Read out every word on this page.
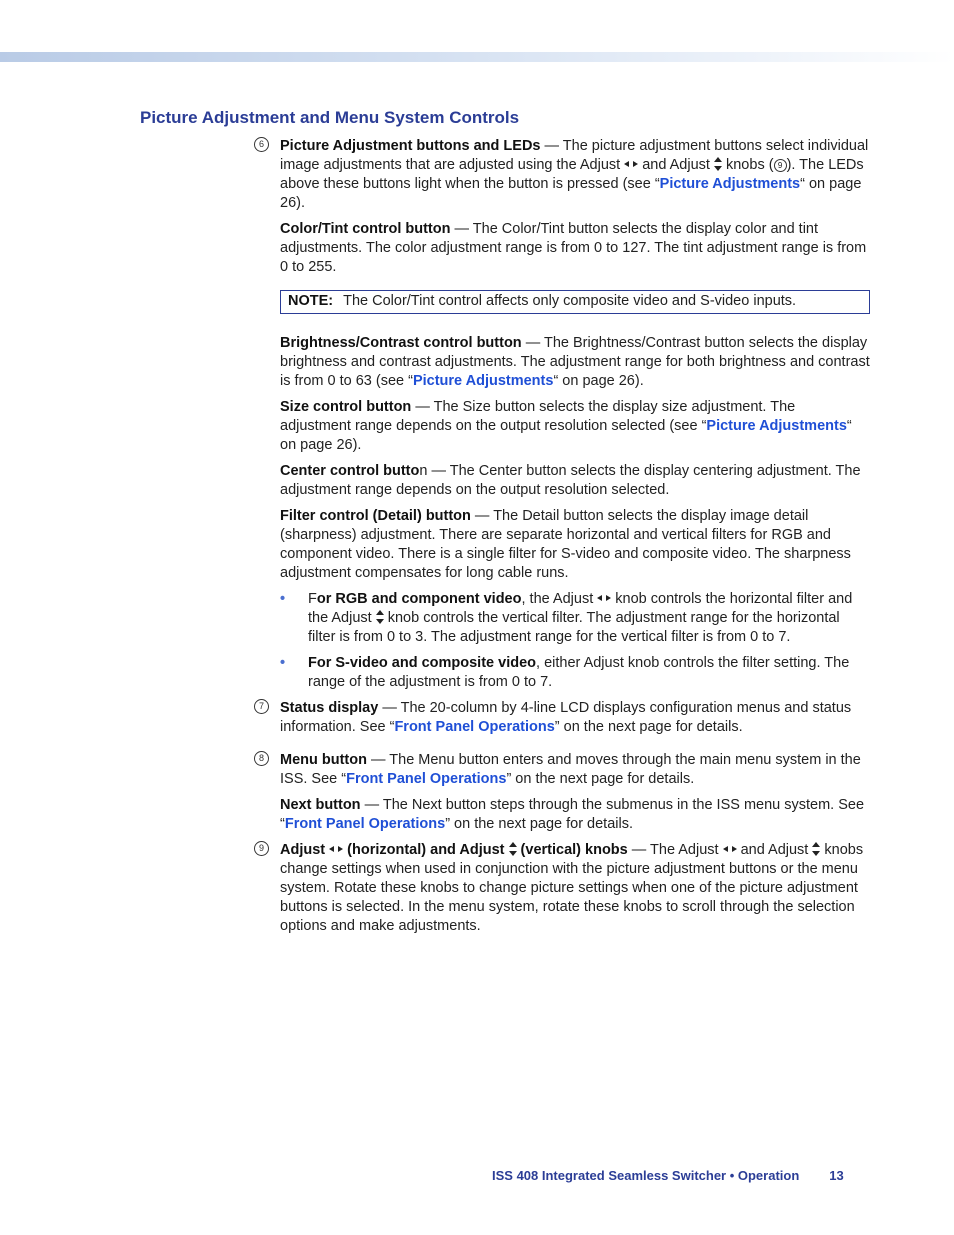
Picture Adjustment and Menu System Controls
6	Picture Adjustment buttons and LEDs — The picture adjustment buttons select individual image adjustments that are adjusted using the Adjust  and Adjust  knobs ( 9 ). The LEDs above these buttons light when the button is pressed (see “Picture Adjustments“ on page 26).
Color/Tint control button — The Color/Tint button selects the display color and tint adjustments. The color adjustment range is from 0 to 127. The tint adjustment range is from 0 to 255.
NOTE: The Color/Tint control affects only composite video and S-video inputs.
Brightness/Contrast control button — The Brightness/Contrast button selects the display brightness and contrast adjustments. The adjustment range for both brightness and contrast is from 0 to 63 (see “Picture Adjustments“ on page 26).
Size control button — The Size button selects the display size adjustment. The adjustment range depends on the output resolution selected (see “Picture Adjustments“ on page 26).
Center control button — The Center button selects the display centering adjustment. The adjustment range depends on the output resolution selected.
Filter control (Detail) button — The Detail button selects the display image detail (sharpness) adjustment. There are separate horizontal and vertical filters for RGB and component video. There is a single filter for S-video and composite video. The sharpness adjustment compensates for long cable runs.
• For RGB and component video, the Adjust  knob controls the horizontal filter and the Adjust  knob controls the vertical filter. The adjustment range for the horizontal filter is from 0 to 3. The adjustment range for the vertical filter is from 0 to 7.
• For S-video and composite video, either Adjust knob controls the filter setting. The range of the adjustment is from 0 to 7.
7	Status display — The 20-column by 4-line LCD displays configuration menus and status information. See “Front Panel Operations” on the next page for details.
8	Menu button — The Menu button enters and moves through the main menu system in the ISS. See “Front Panel Operations” on the next page for details.
Next button — The Next button steps through the submenus in the ISS menu system. See “Front Panel Operations” on the next page for details.
9	Adjust  (horizontal) and Adjust  (vertical) knobs — The Adjust  and Adjust  knobs change settings when used in conjunction with the picture adjustment buttons or the menu system. Rotate these knobs to change picture settings when one of the picture adjustment buttons is selected. In the menu system, rotate these knobs to scroll through the selection options and make adjustments.
ISS 408 Integrated Seamless Switcher • Operation 13
